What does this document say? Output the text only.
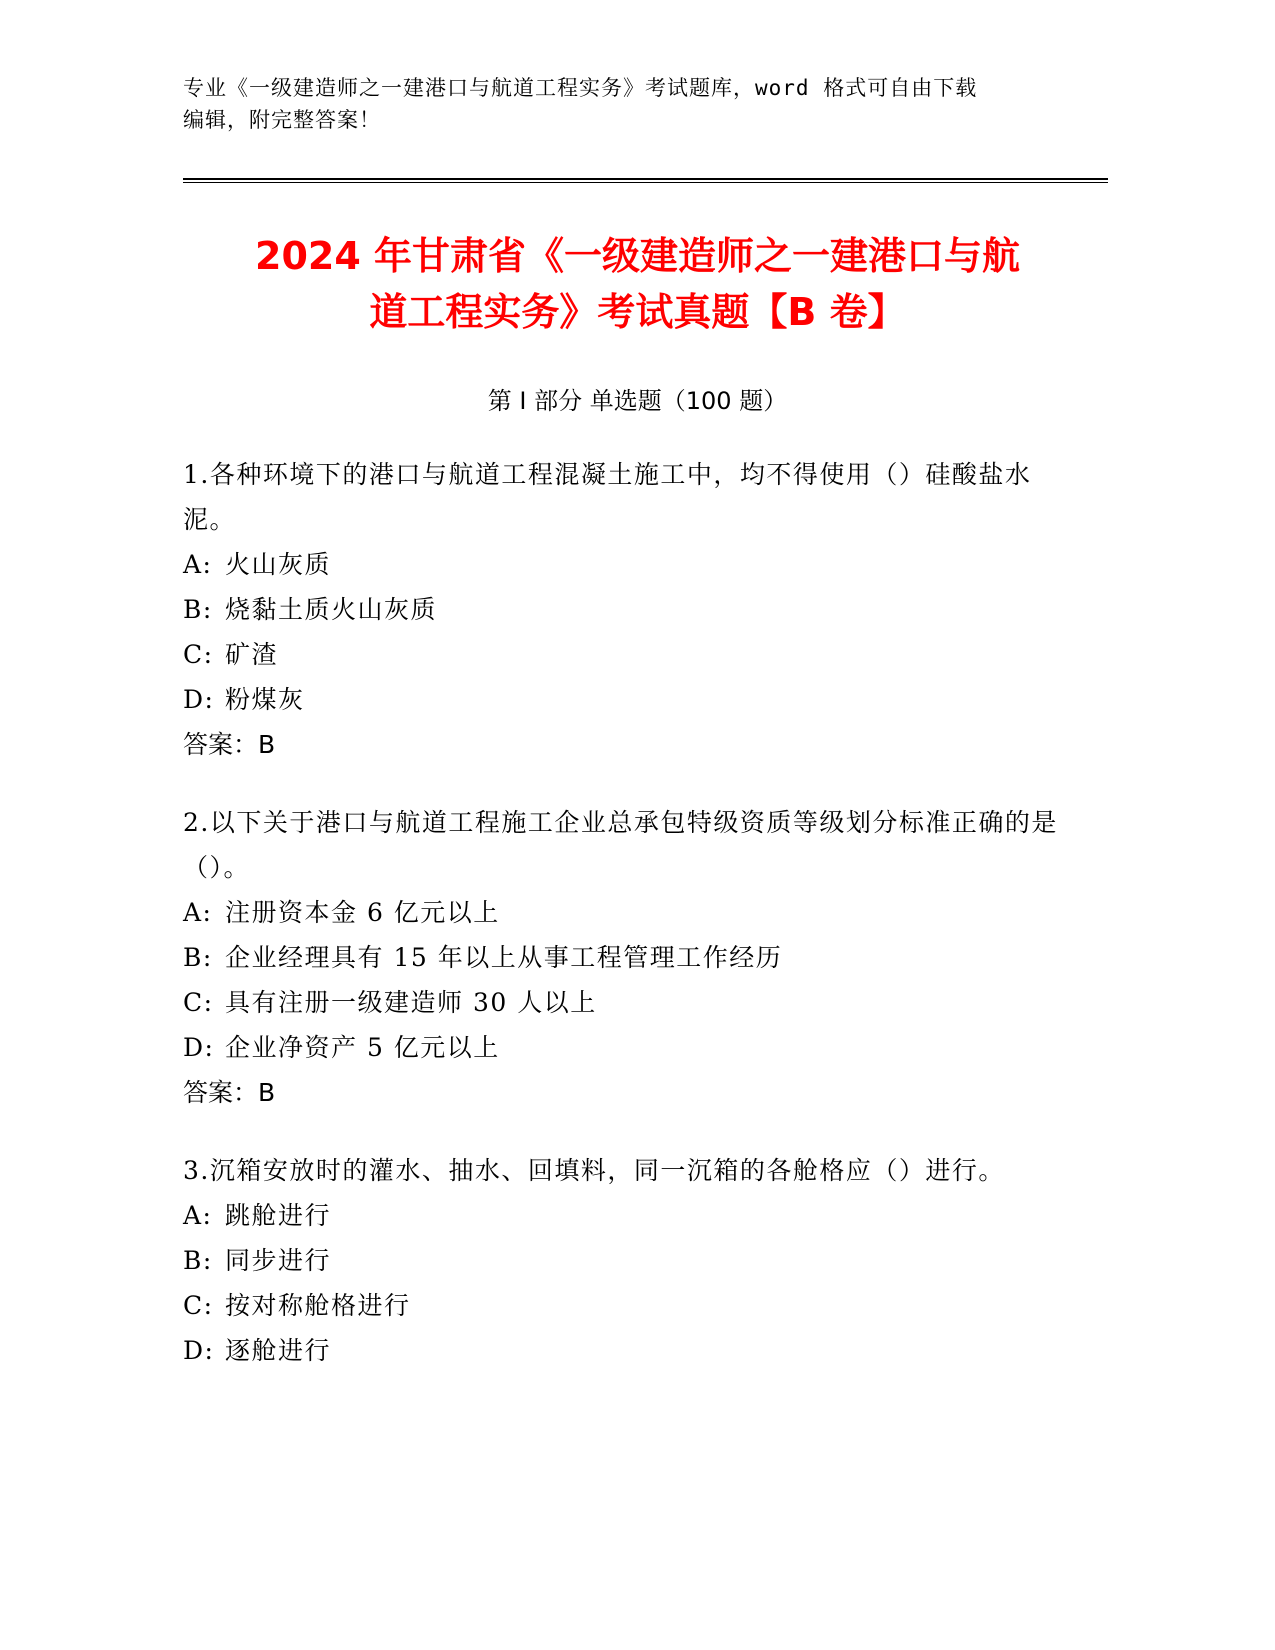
专业《一级建造师之一建港口与航道工程实务》考试题库，word 格式可自由下载
编辑，附完整答案！
2024 年甘肃省《一级建造师之一建港口与航
道工程实务》考试真题【B 卷】
第 I 部分 单选题（100 题）

1.各种环境下的港口与航道工程混凝土施工中，均不得使用（）硅酸盐水泥。

A: 火山灰质

B: 烧黏土质火山灰质

C: 矿渣

D: 粉煤灰

答案：B

2.以下关于港口与航道工程施工企业总承包特级资质等级划分标准正确的是（）。

A: 注册资本金 6 亿元以上

B: 企业经理具有 15 年以上从事工程管理工作经历

C: 具有注册一级建造师 30 人以上

D: 企业净资产 5 亿元以上

答案：B

3.沉箱安放时的灌水、抽水、回填料，同一沉箱的各舱格应（）进行。

A: 跳舱进行

B: 同步进行

C: 按对称舱格进行

D: 逐舱进行
